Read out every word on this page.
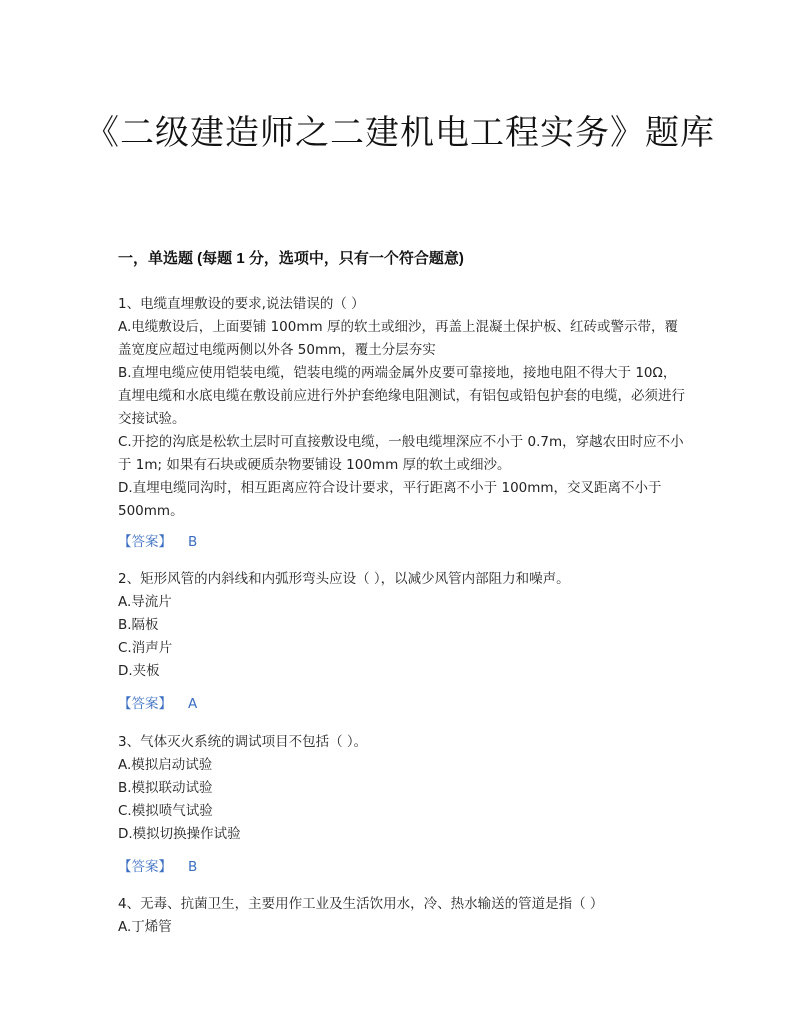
《二级建造师之二建机电工程实务》题库
一，单选题 (每题 1 分，选项中，只有一个符合题意)
1、电缆直埋敷设的要求,说法错误的（ ）
A.电缆敷设后，上面要铺 100mm 厚的软土或细沙，再盖上混凝土保护板、红砖或警示带，覆盖宽度应超过电缆两侧以外各 50mm，覆土分层夯实
B.直埋电缆应使用铠装电缆，铠装电缆的两端金属外皮要可靠接地，接地电阻不得大于 10Ω，直埋电缆和水底电缆在敷设前应进行外护套绝缘电阻测试，有铝包或铅包护套的电缆，必须进行交接试验。
C.开挖的沟底是松软土层时可直接敷设电缆，一般电缆埋深应不小于 0.7m，穿越农田时应不小于 1m; 如果有石块或硬质杂物要铺设 100mm 厚的软土或细沙。
D.直埋电缆同沟时，相互距离应符合设计要求，平行距离不小于 100mm，交叉距离不小于 500mm。
【答案】 B
2、矩形风管的内斜线和内弧形弯头应设（ ），以减少风管内部阻力和噪声。
A.导流片
B.隔板
C.消声片
D.夹板
【答案】 A
3、气体灭火系统的调试项目不包括（ ）。
A.模拟启动试验
B.模拟联动试验
C.模拟喷气试验
D.模拟切换操作试验
【答案】 B
4、无毒、抗菌卫生，主要用作工业及生活饮用水，冷、热水输送的管道是指（ ）
A.丁烯管
